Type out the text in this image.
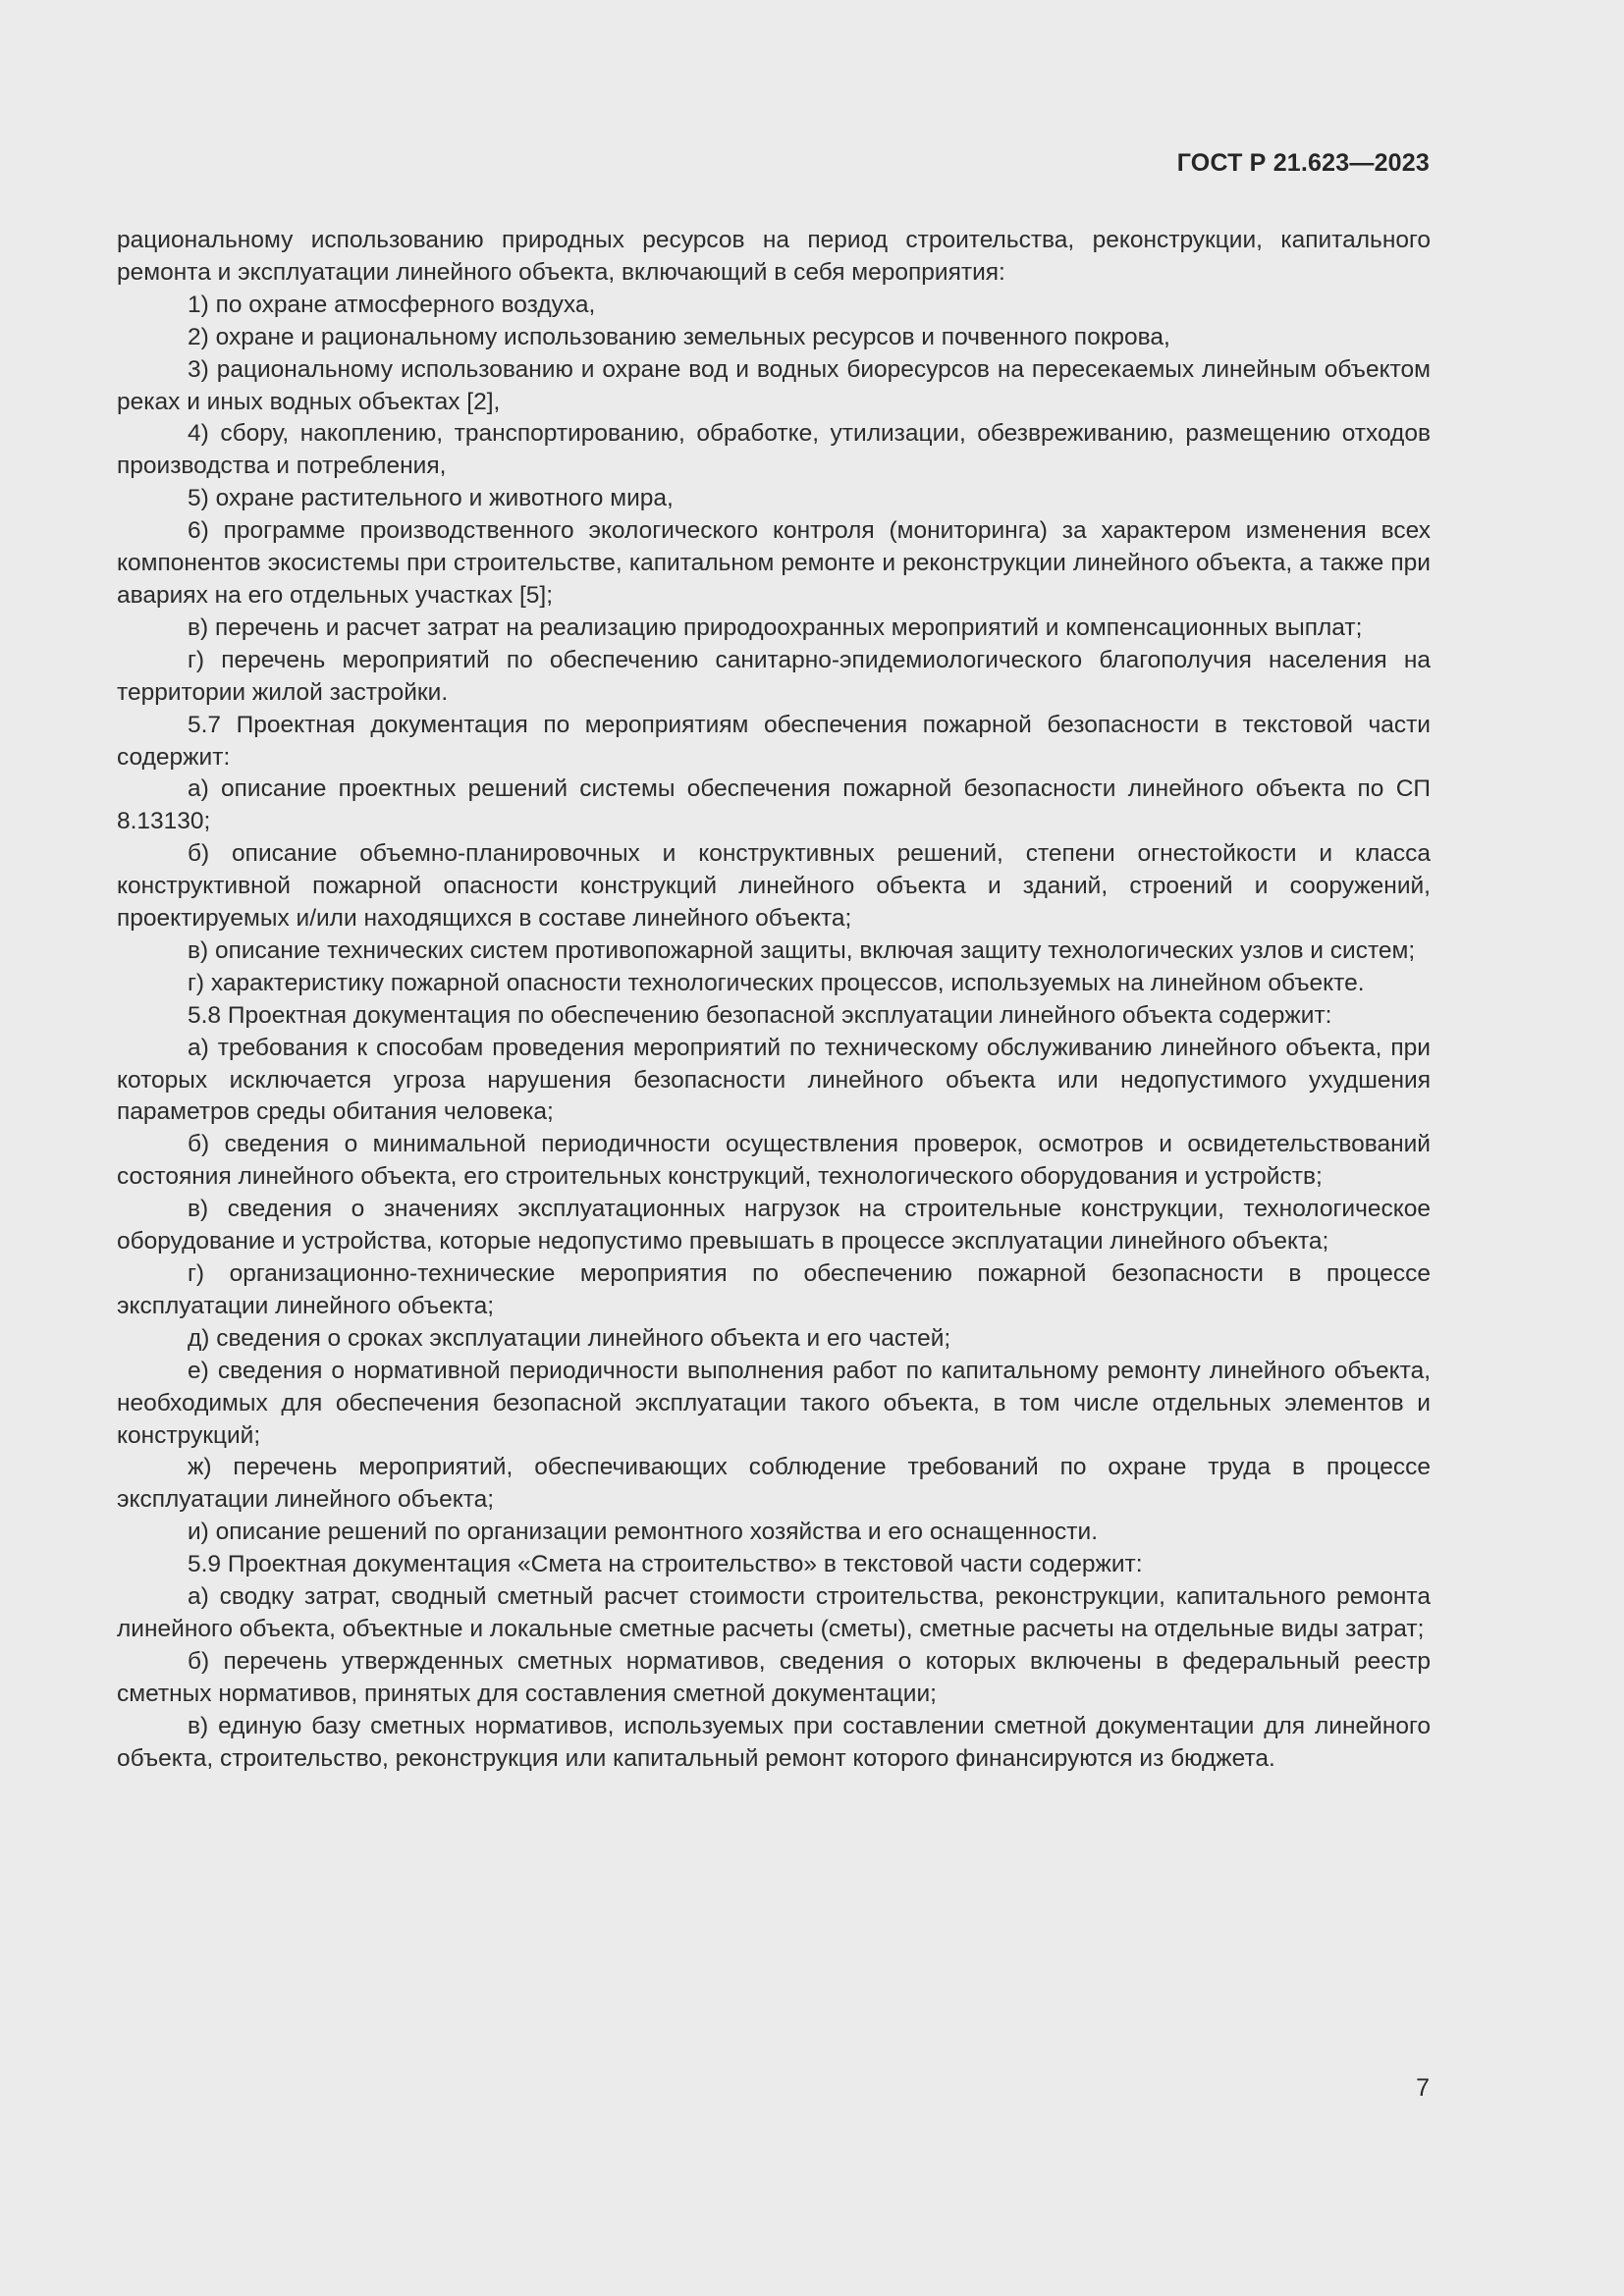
ГОСТ Р 21.623—2023

рациональному использованию природных ресурсов на период строительства, реконструкции, капитального ремонта и эксплуатации линейного объекта, включающий в себя мероприятия:

1) по охране атмосферного воздуха,

2) охране и рациональному использованию земельных ресурсов и почвенного покрова,

3) рациональному использованию и охране вод и водных биоресурсов на пересекаемых линейным объектом реках и иных водных объектах [2],

4) сбору, накоплению, транспортированию, обработке, утилизации, обезвреживанию, размещению отходов производства и потребления,

5) охране растительного и животного мира,

6) программе производственного экологического контроля (мониторинга) за характером изменения всех компонентов экосистемы при строительстве, капитальном ремонте и реконструкции линейного объекта, а также при авариях на его отдельных участках [5];

в) перечень и расчет затрат на реализацию природоохранных мероприятий и компенсационных выплат;

г) перечень мероприятий по обеспечению санитарно-эпидемиологического благополучия населения на территории жилой застройки.

5.7 Проектная документация по мероприятиям обеспечения пожарной безопасности в текстовой части содержит:

а) описание проектных решений системы обеспечения пожарной безопасности линейного объекта по СП 8.13130;

б) описание объемно-планировочных и конструктивных решений, степени огнестойкости и класса конструктивной пожарной опасности конструкций линейного объекта и зданий, строений и сооружений, проектируемых и/или находящихся в составе линейного объекта;

в) описание технических систем противопожарной защиты, включая защиту технологических узлов и систем;

г) характеристику пожарной опасности технологических процессов, используемых на линейном объекте.

5.8 Проектная документация по обеспечению безопасной эксплуатации линейного объекта содержит:

а) требования к способам проведения мероприятий по техническому обслуживанию линейного объекта, при которых исключается угроза нарушения безопасности линейного объекта или недопустимого ухудшения параметров среды обитания человека;

б) сведения о минимальной периодичности осуществления проверок, осмотров и освидетельствований состояния линейного объекта, его строительных конструкций, технологического оборудования и устройств;

в) сведения о значениях эксплуатационных нагрузок на строительные конструкции, технологическое оборудование и устройства, которые недопустимо превышать в процессе эксплуатации линейного объекта;

г) организационно-технические мероприятия по обеспечению пожарной безопасности в процессе эксплуатации линейного объекта;

д) сведения о сроках эксплуатации линейного объекта и его частей;

е) сведения о нормативной периодичности выполнения работ по капитальному ремонту линейного объекта, необходимых для обеспечения безопасной эксплуатации такого объекта, в том числе отдельных элементов и конструкций;

ж) перечень мероприятий, обеспечивающих соблюдение требований по охране труда в процессе эксплуатации линейного объекта;

и) описание решений по организации ремонтного хозяйства и его оснащенности.

5.9 Проектная документация «Смета на строительство» в текстовой части содержит:

а) сводку затрат, сводный сметный расчет стоимости строительства, реконструкции, капитального ремонта линейного объекта, объектные и локальные сметные расчеты (сметы), сметные расчеты на отдельные виды затрат;

б) перечень утвержденных сметных нормативов, сведения о которых включены в федеральный реестр сметных нормативов, принятых для составления сметной документации;

в) единую базу сметных нормативов, используемых при составлении сметной документации для линейного объекта, строительство, реконструкция или капитальный ремонт которого финансируются из бюджета.

7
